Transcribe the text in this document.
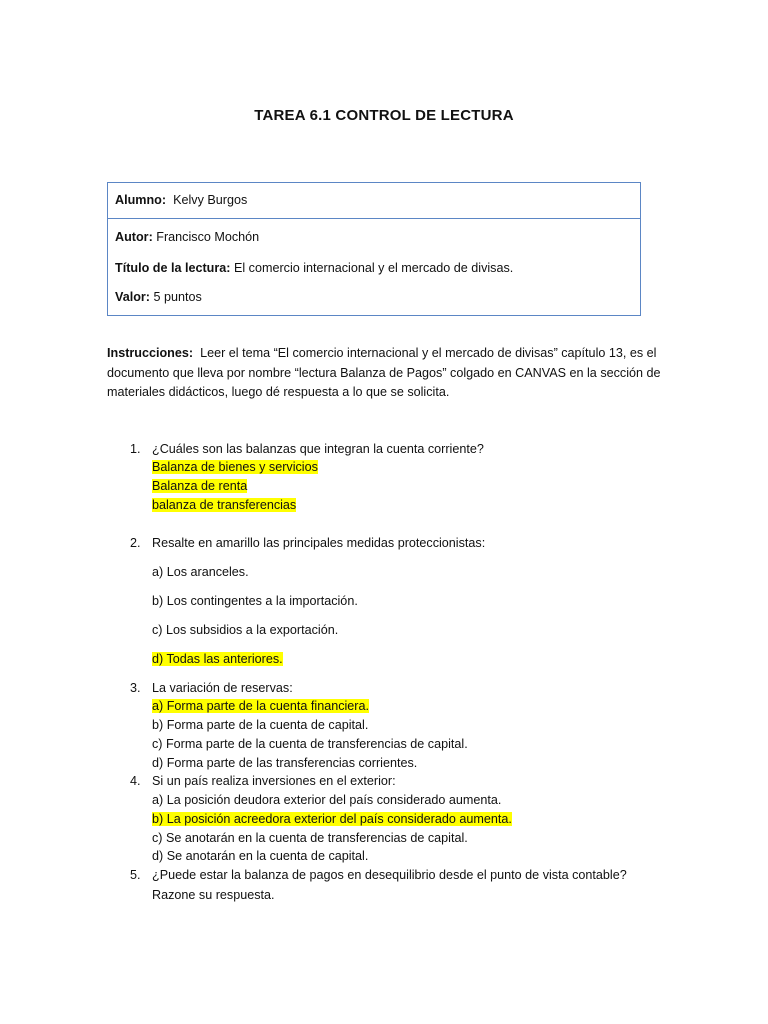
TAREA 6.1 CONTROL DE LECTURA
Alumno: Kelvy Burgos
Autor: Francisco Mochón
Título de la lectura: El comercio internacional y el mercado de divisas.
Valor: 5 puntos
Instrucciones: Leer el tema “El comercio internacional y el mercado de divisas” capítulo 13, es el
documento que lleva por nombre “lectura Balanza de Pagos” colgado en CANVAS en la sección de
materiales didácticos, luego dé respuesta a lo que se solicita.
1. ¿Cuáles son las balanzas que integran la cuenta corriente?
Balanza de bienes y servicios
Balanza de renta
balanza de transferencias
2. Resalte en amarillo las principales medidas proteccionistas:
a) Los aranceles.
b) Los contingentes a la importación.
c) Los subsidios a la exportación.
d) Todas las anteriores.
3. La variación de reservas:
a) Forma parte de la cuenta financiera.
b) Forma parte de la cuenta de capital.
c) Forma parte de la cuenta de transferencias de capital.
d) Forma parte de las transferencias corrientes.
4. Si un país realiza inversiones en el exterior:
a) La posición deudora exterior del país considerado aumenta.
b) La posición acreedora exterior del país considerado aumenta.
c) Se anotarán en la cuenta de transferencias de capital.
d) Se anotarán en la cuenta de capital.
5. ¿Puede estar la balanza de pagos en desequilibrio desde el punto de vista contable?
Razone su respuesta.
